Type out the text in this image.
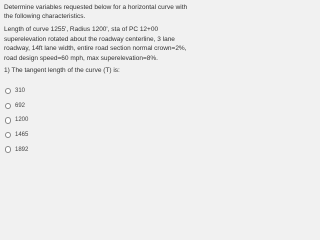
Determine variables requested below for a horizontal curve with the following characteristics.

Length of curve 1255', Radius 1200', sta of PC 12+00 superelevation rotated about the roadway centerline, 3 lane roadway, 14ft lane width, entire road section normal crown=2%, road design speed=60 mph, max superelevation=8%.

1) The tangent length of the curve (T) is:

310
692
1200
1465
1892
